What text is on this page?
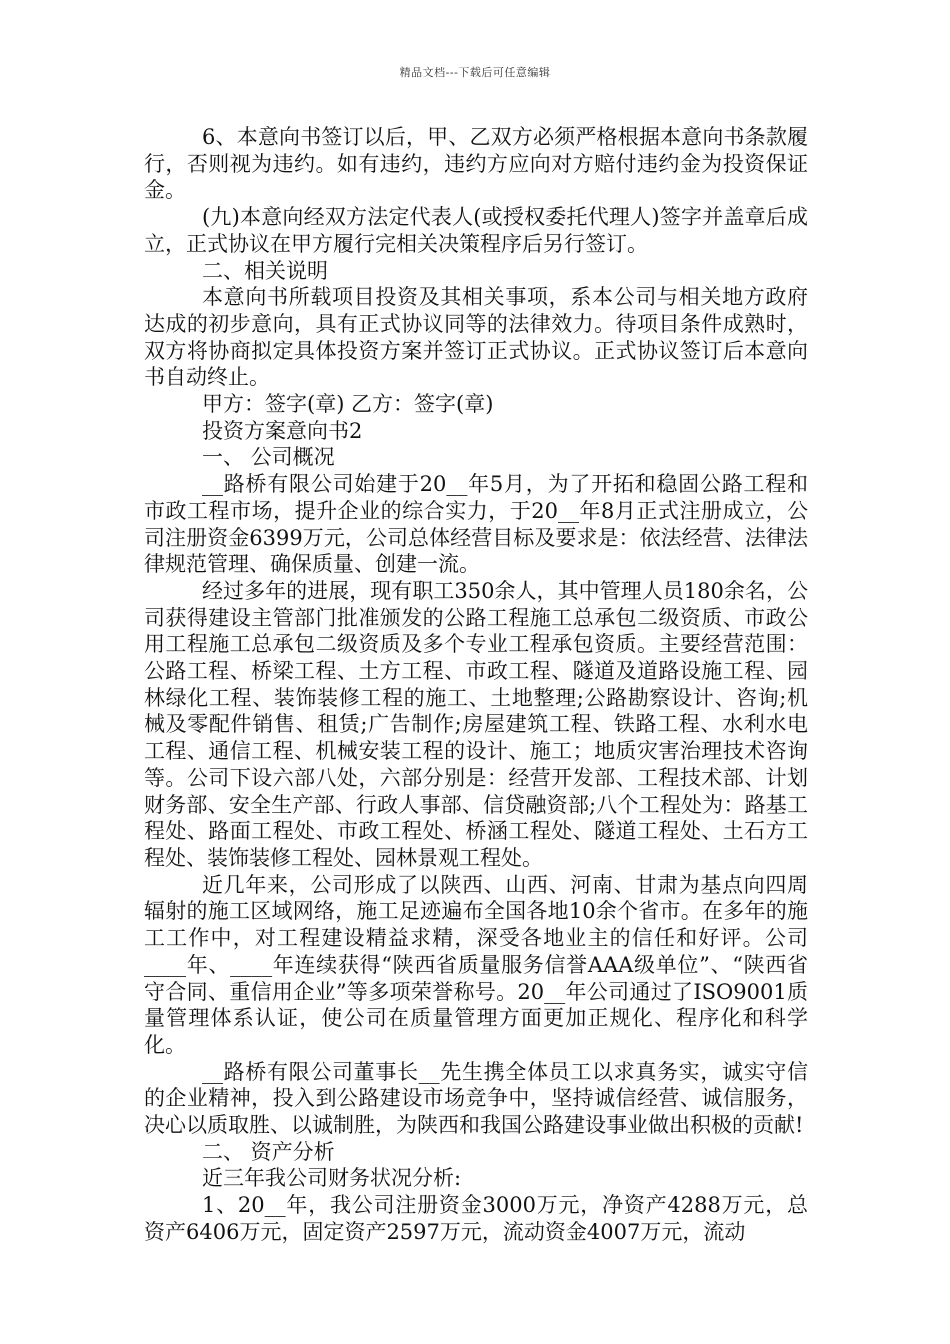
精品文档---下载后可任意编辑

6、本意向书签订以后，甲、乙双方必须严格根据本意向书条款履行，否则视为违约。如有违约，违约方应向对方赔付违约金为投资保证金。

(九)本意向经双方法定代表人(或授权委托代理人)签字并盖章后成立，正式协议在甲方履行完相关决策程序后另行签订。

二、相关说明

本意向书所载项目投资及其相关事项，系本公司与相关地方政府达成的初步意向，具有正式协议同等的法律效力。待项目条件成熟时，双方将协商拟定具体投资方案并签订正式协议。正式协议签订后本意向书自动终止。

甲方：签字(章) 乙方：签字(章)

投资方案意向书2

一、 公司概况

__路桥有限公司始建于20__年5月，为了开拓和稳固公路工程和市政工程市场，提升企业的综合实力，于20__年8月正式注册成立，公司注册资金6399万元，公司总体经营目标及要求是：依法经营、法律法律规范管理、确保质量、创建一流。

经过多年的进展，现有职工350余人，其中管理人员180余名，公司获得建设主管部门批准颁发的公路工程施工总承包二级资质、市政公用工程施工总承包二级资质及多个专业工程承包资质。主要经营范围：公路工程、桥梁工程、土方工程、市政工程、隧道及道路设施工程、园林绿化工程、装饰装修工程的施工、土地整理;公路勘察设计、咨询;机械及零配件销售、租赁;广告制作;房屋建筑工程、铁路工程、水利水电工程、通信工程、机械安装工程的设计、施工；地质灾害治理技术咨询等。公司下设六部八处，六部分别是：经营开发部、工程技术部、计划财务部、安全生产部、行政人事部、信贷融资部;八个工程处为：路基工程处、路面工程处、市政工程处、桥涵工程处、隧道工程处、土石方工程处、装饰装修工程处、园林景观工程处。

近几年来，公司形成了以陕西、山西、河南、甘肃为基点向四周辐射的施工区域网络，施工足迹遍布全国各地10余个省市。在多年的施工工作中，对工程建设精益求精，深受各地业主的信任和好评。公司____年、____年连续获得“陕西省质量服务信誉AAA级单位”、“陕西省守合同、重信用企业”等多项荣誉称号。20__年公司通过了ISO9001质量管理体系认证，使公司在质量管理方面更加正规化、程序化和科学化。

__路桥有限公司董事长__先生携全体员工以求真务实，诚实守信的企业精神，投入到公路建设市场竞争中，坚持诚信经营、诚信服务，决心以质取胜、以诚制胜，为陕西和我国公路建设事业做出积极的贡献!

二、 资产分析

近三年我公司财务状况分析:

1、20__年，我公司注册资金3000万元，净资产4288万元，总资产6406万元，固定资产2597万元，流动资金4007万元，流动
